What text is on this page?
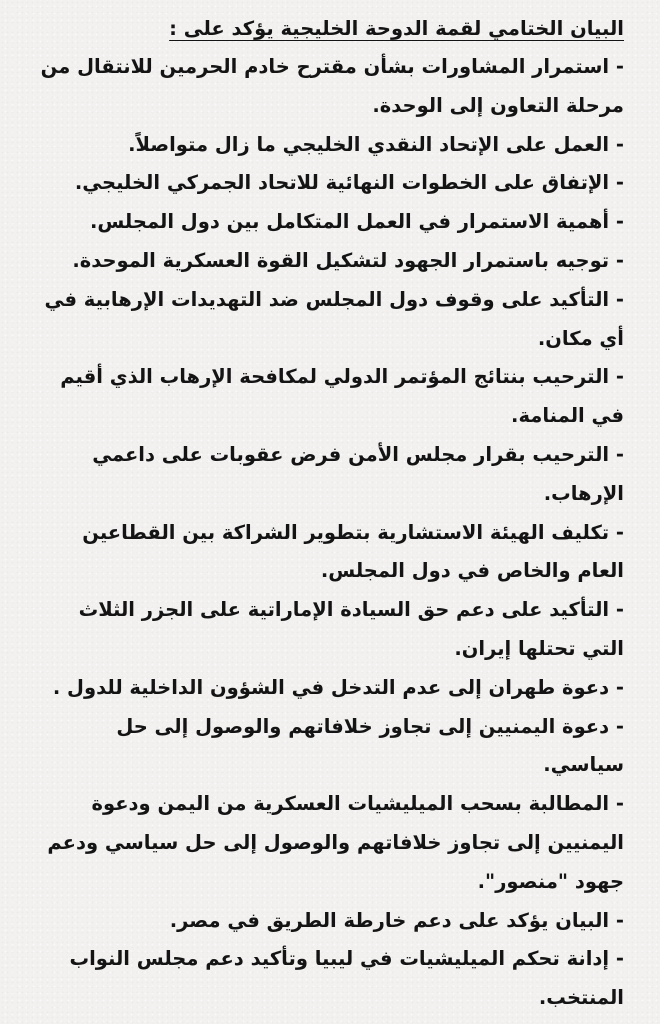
البيان الختامي لقمة الدوحة الخليجية يؤكد على :

- استمرار المشاورات بشأن مقترح خادم الحرمين للانتقال من مرحلة التعاون إلى الوحدة.

- العمل على الإتحاد النقدي الخليجي ما زال متواصلاً.

- الإتفاق على الخطوات النهائية للاتحاد الجمركي الخليجي.

- أهمية الاستمرار في العمل المتكامل بين دول المجلس.

- توجيه باستمرار الجهود لتشكيل القوة العسكرية الموحدة.

- التأكيد على وقوف دول المجلس ضد التهديدات الإرهابية في أي مكان.

- الترحيب بنتائج المؤتمر الدولي لمكافحة الإرهاب الذي أقيم في المنامة.

- الترحيب بقرار مجلس الأمن فرض عقوبات على داعمي الإرهاب.

- تكليف الهيئة الاستشارية بتطوير الشراكة بين القطاعين العام والخاص في دول المجلس.

- التأكيد على دعم حق السيادة الإماراتية على الجزر الثلاث التي تحتلها إيران.

- دعوة طهران إلى عدم التدخل في الشؤون الداخلية للدول .

- دعوة اليمنيين إلى تجاوز خلافاتهم والوصول إلى حل سياسي.

- المطالبة بسحب الميليشيات العسكرية من اليمن ودعوة اليمنيين إلى تجاوز خلافاتهم والوصول إلى حل سياسي ودعم جهود "منصور".

- البيان يؤكد على دعم خارطة الطريق في مصر.

- إدانة تحكم الميليشيات في ليبيا وتأكيد دعم مجلس النواب المنتخب.
